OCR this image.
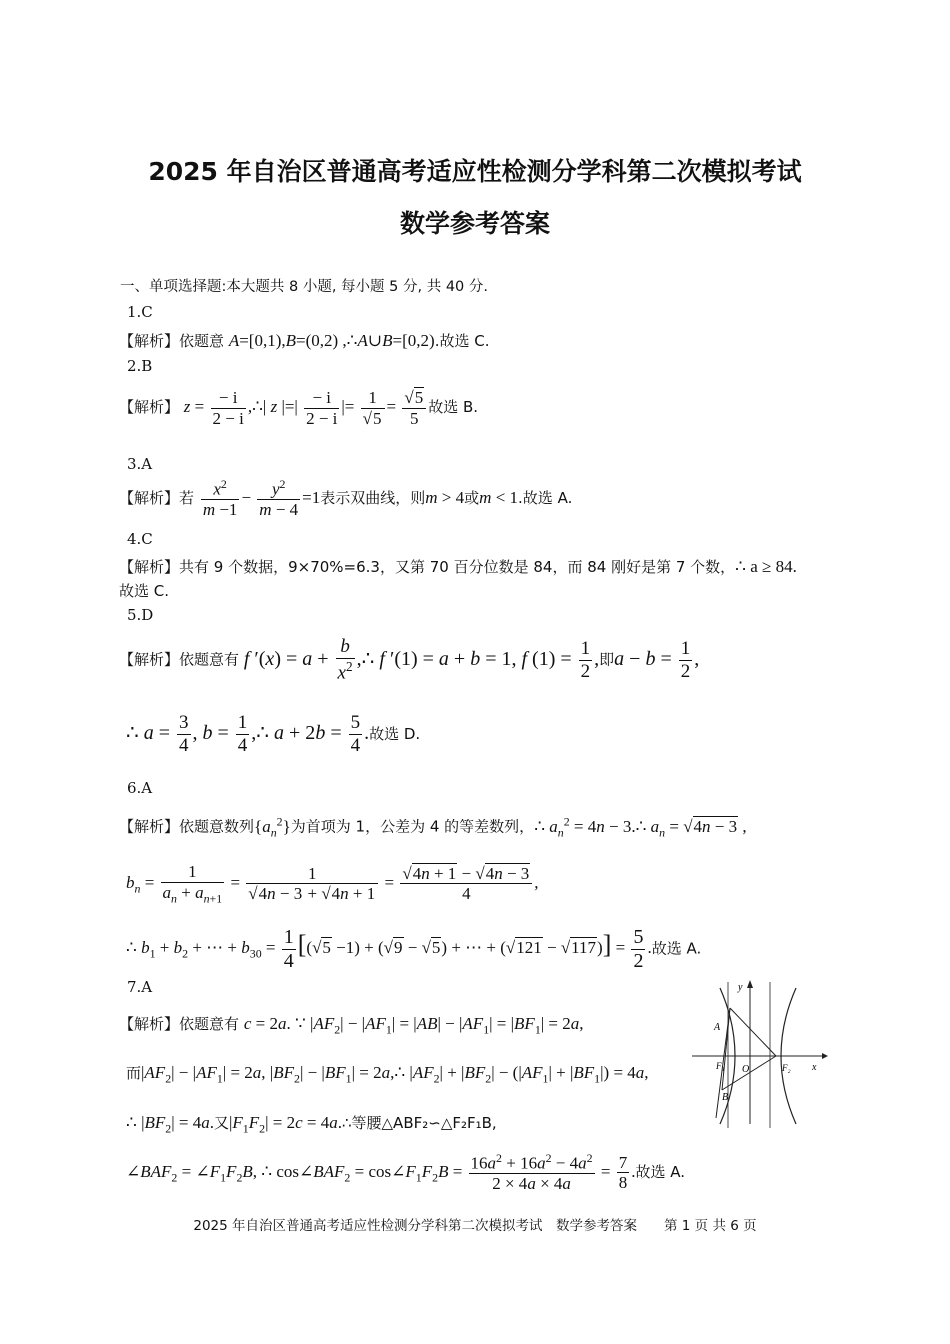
2025 年自治区普通高考适应性检测分学科第二次模拟考试
数学参考答案
一、单项选择题:本大题共 8 小题, 每小题 5 分, 共 40 分.
1.C
【解析】依题意 A=[0,1),B=(0,2) ,∴A∪B=[0,2).故选 C.
2.B
【解析】 $z = \frac{- i}{2 - i}$ ,∴| z |=| $\frac{- i}{2 - i}$ |= $\frac{1}{√5} = \frac{√5}{5}$ 故选 B.
3.A
【解析】若 $\frac{x^2}{m -1} - \frac{y^2}{m - 4} =1$表示双曲线，则m > 4或m < 1.故选 A.
4.C
【解析】共有 9 个数据，9×70%=6.3，又第 70 百分位数是 84，而 84 刚好是第 7 个数，∴ a ≥ 84.
故选 C.
5.D
【解析】依题意有 f $'(x) = a + \frac{b}{x^2}$ ,∴ f ′(1) = a + b = 1, f $(1) = \frac{1}{2}$ ,即$a - b = \frac{1}{2}$ ,
∴ $a = \frac{3}{4}$ , $b = \frac{1}{4}$ ,∴ $a + 2b = \frac{5}{4}$ .故选 D.
6.A
【解析】依题意数列$\{a_n^2\}$为首项为 1，公差为 4 的等差数列，∴ $a_n^2 = 4n$ − 3.∴ $a_n = √4n - 3$ ,
$b_n = \frac{1}{a_n + a_{n+1}} = \frac{1}{√4n - 3 + √4n + 1} = \frac{√4n + 1 - √4n - 3}{4}$ ,
∴ $b_1 + b_2$ + ⋯ + $b_{30} = \frac{1}{4} [(√5 -1) + (√9 - √5)$ + ⋯ + $(√121 - √117)] = \frac{5}{2}$ .故选 A.
7.A
【解析】依题意有 c = 2a. ∵ $|AF_2| - |AF_1| = |AB| - |AF_1| = |BF_1| = 2a$,
而$|AF_2| - |AF_1| = 2a$, $|BF_2| - |BF_1|$ = 2a,∴ $|AF_2| + |BF_2| - (|AF_1| + |BF_1|) = 4a$,
∴ $|BF_2| = 4a$.又$|F_1F_2| = 2c$ = 4a.∴等腰△ABF₂∽△F₂F₁B,
$\angle BAF_2$ = $\angle F_1F_2B$, ∴ $\cos\angle BAF_2$ = $\cos\angle F_1F_2B = \frac{16a^2 + 16a^2 - 4a^2}{2 \times 4a \times 4a} = \frac{7}{8}$ .故选 A.
y
x
A
B
F₁	F₂
O
2025 年自治区普通高考适应性检测分学科第二次模拟考试　数学参考答案　　第 1 页 共 6 页
